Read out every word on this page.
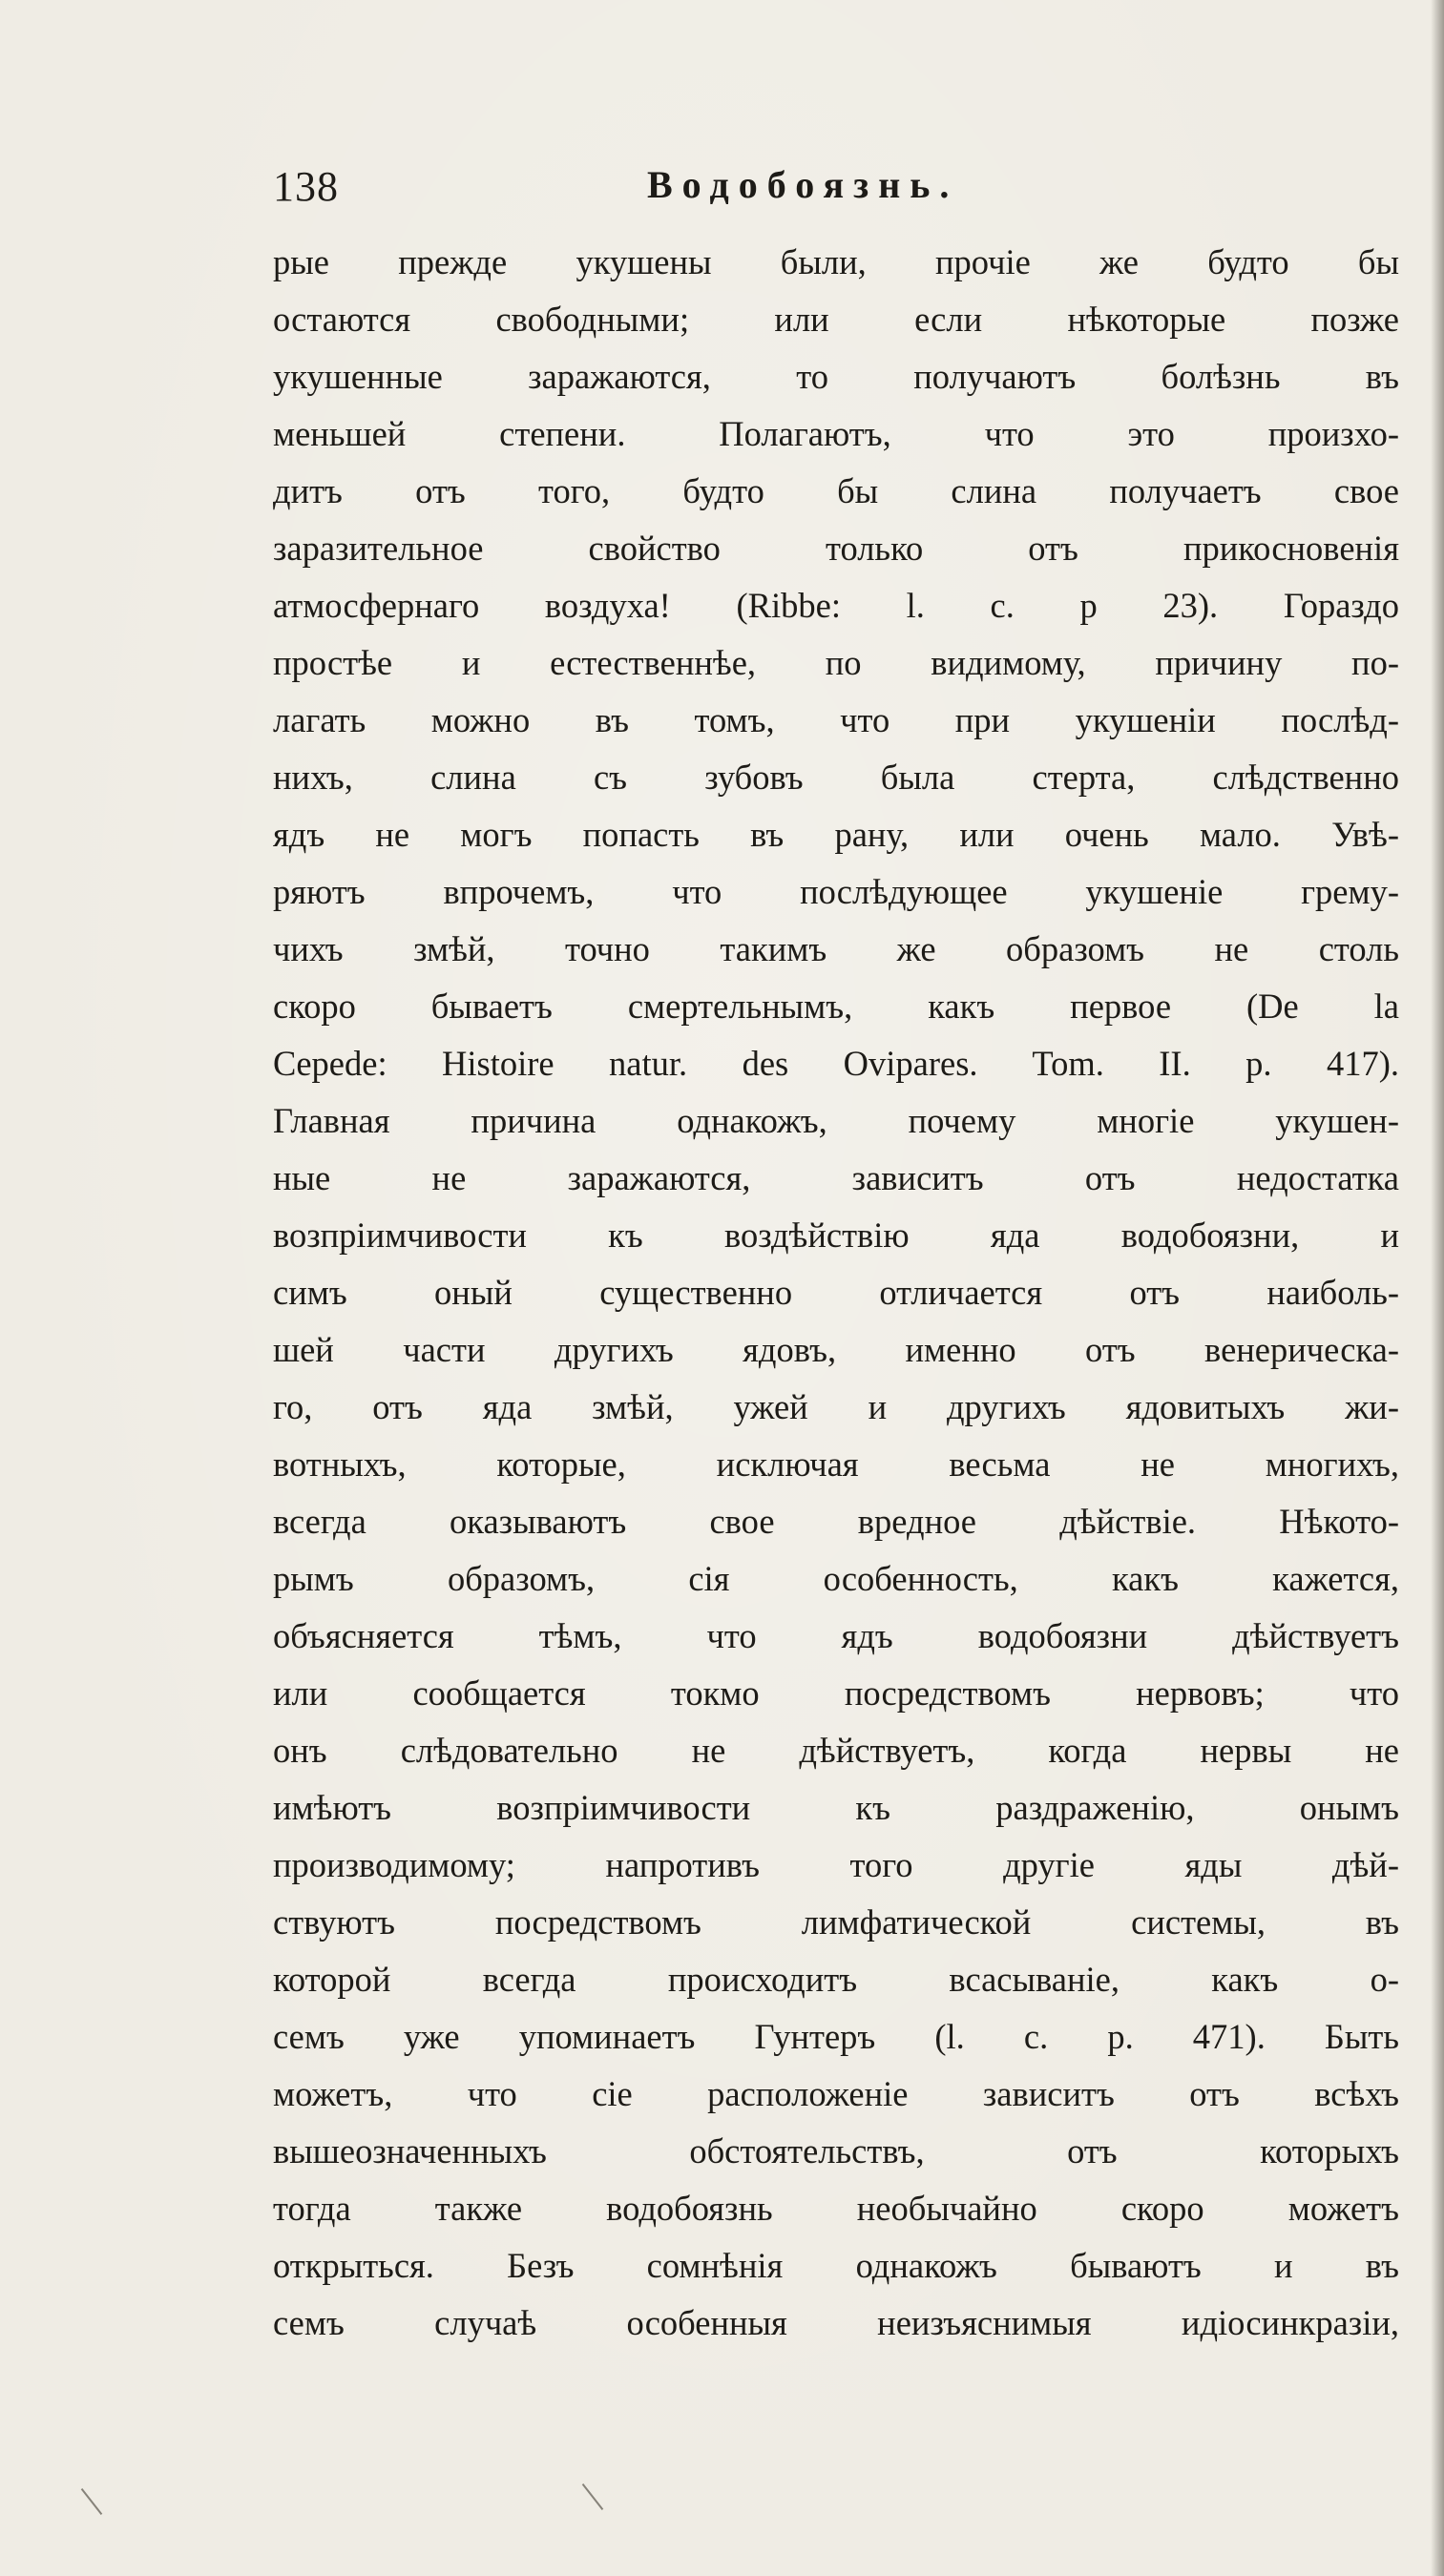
138	Водобоязнь.
рые прежде укушены были, прочіе же будто бы
остаются свободными; или если нѣкоторые позже
укушенные заражаются, то получаютъ болѣзнь въ
меньшей степени. Полагаютъ, что это произхо-
дитъ отъ того, будто бы слина получаетъ свое
заразительное свойство только отъ прикосновенія
атмосфернаго воздуха! (Ribbe: l. c. p 23). Гораздо
простѣе и естественнѣе, по видимому, причину по-
лагать можно въ томъ, что при укушеніи послѣд-
нихъ, слина съ зубовъ была стерта, слѣдственно
ядъ не могъ попасть въ рану, или очень мало. Увѣ-
ряютъ впрочемъ, что послѣдующее укушеніе грему-
чихъ змѣй, точно такимъ же образомъ не столь
скоро бываетъ смертельнымъ, какъ первое (De la
Cepede: Histoire natur. des Ovipares. Tom. II. p. 417).
Главная причина однакожъ, почему многіе укушен-
ные не заражаются, зависитъ отъ недостатка
возпріимчивости къ воздѣйствію яда водобоязни, и
симъ оный существенно отличается отъ наиболь-
шей части другихъ ядовъ, именно отъ венерическа-
го, отъ яда змѣй, ужей и другихъ ядовитыхъ жи-
вотныхъ, которые, исключая весьма не многихъ,
всегда оказываютъ свое вредное дѣйствіе. Нѣкото-
рымъ образомъ, сія особенность, какъ кажется,
объясняется тѣмъ, что ядъ водобоязни дѣйствуетъ
или сообщается токмо посредствомъ нервовъ; что
онъ слѣдовательно не дѣйствуетъ, когда нервы не
имѣютъ возпріимчивости къ раздраженію, онымъ
производимому; напротивъ того другіе яды дѣй-
ствуютъ посредствомъ лимфатической системы, въ
которой всегда происходитъ всасываніе, какъ о-
семъ уже упоминаетъ Гунтеръ (l. c. p. 471). Быть
можетъ, что сіе расположеніе зависитъ отъ всѣхъ
вышеозначенныхъ обстоятельствъ, отъ которыхъ
тогда также водобоязнь необычайно скоро можетъ
открыться. Безъ сомнѣнія однакожъ бываютъ и въ
семъ случаѣ особенныя неизъяснимыя идіосинкразіи,
